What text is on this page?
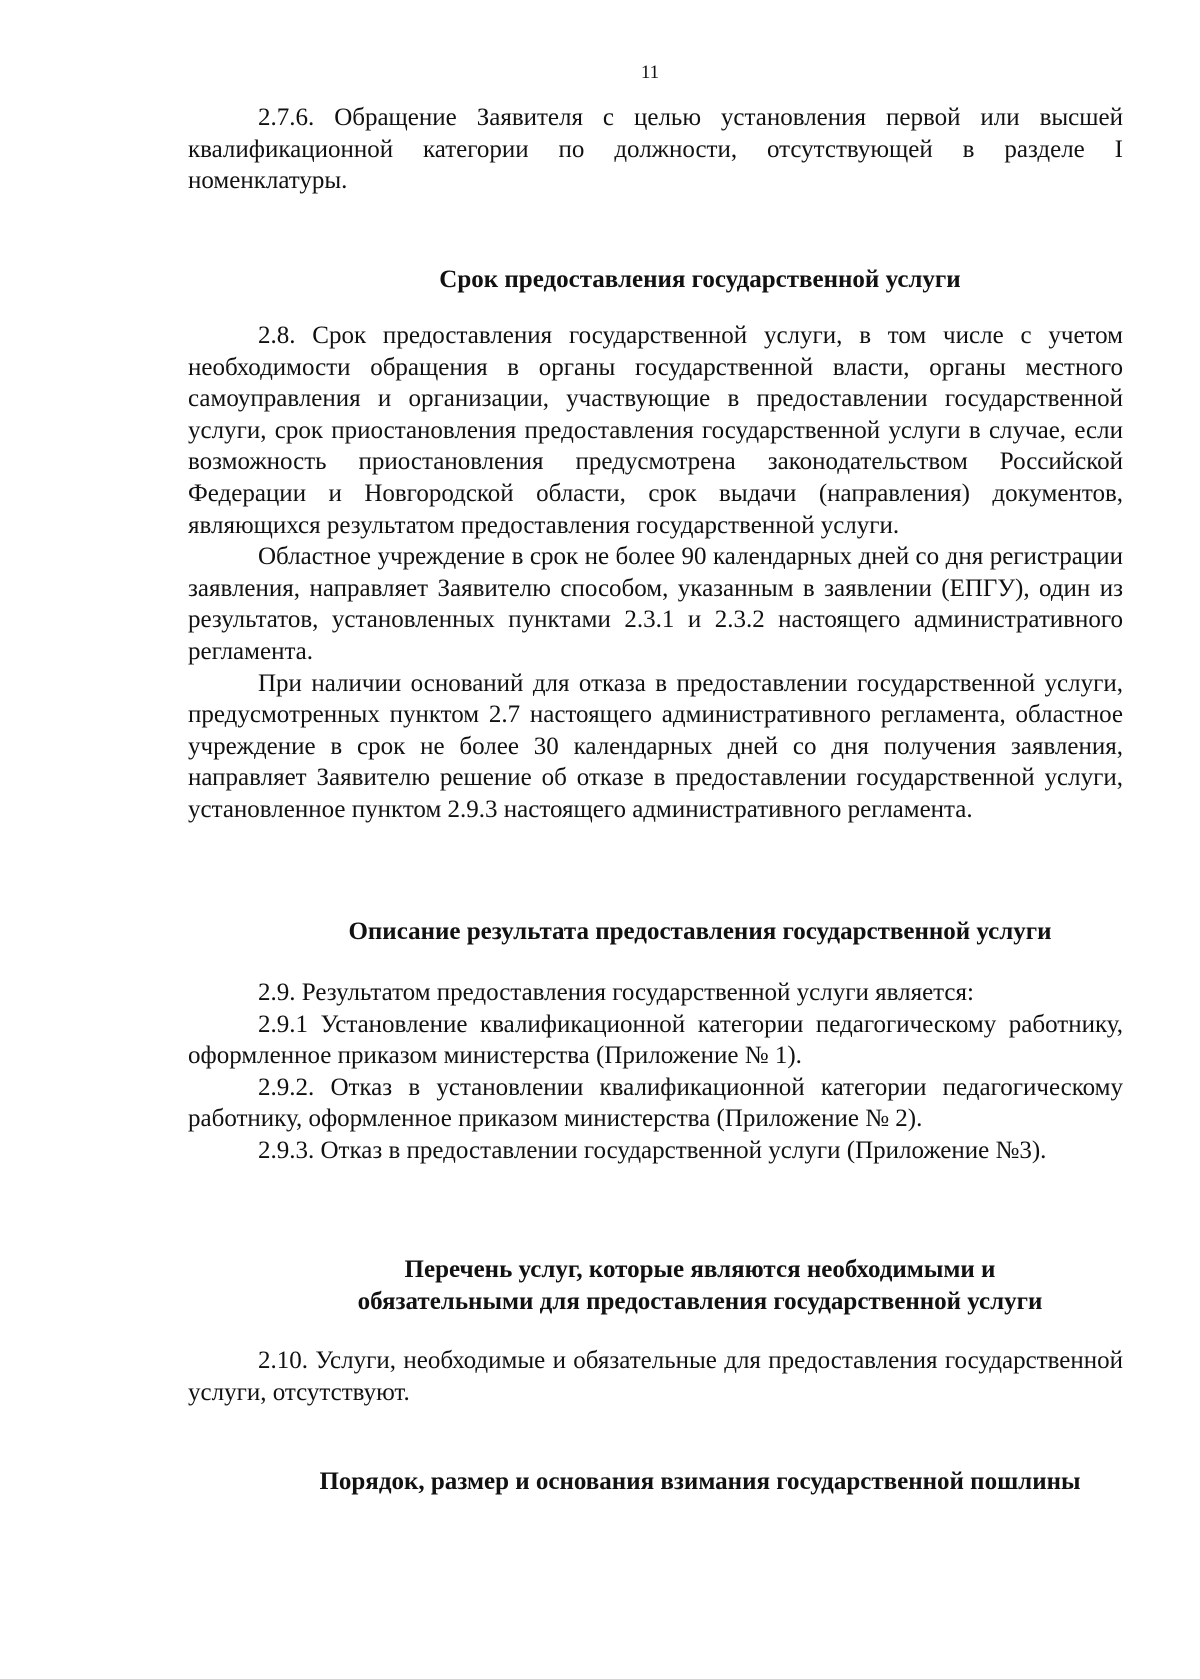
11

2.7.6. Обращение Заявителя с целью установления первой или высшей квалификационной категории по должности, отсутствующей в разделе I номенклатуры.

Срок предоставления государственной услуги

2.8. Срок предоставления государственной услуги, в том числе с учетом необходимости обращения в органы государственной власти, органы местного самоуправления и организации, участвующие в предоставлении государственной услуги, срок приостановления предоставления государственной услуги в случае, если возможность приостановления предусмотрена законодательством Российской Федерации и Новгородской области, срок выдачи (направления) документов, являющихся результатом предоставления государственной услуги.

Областное учреждение в срок не более 90 календарных дней со дня регистрации заявления, направляет Заявителю способом, указанным в заявлении (ЕПГУ), один из результатов, установленных пунктами 2.3.1 и 2.3.2 настоящего административного регламента.

При наличии оснований для отказа в предоставлении государственной услуги, предусмотренных пунктом 2.7 настоящего административного регламента, областное учреждение в срок не более 30 календарных дней со дня получения заявления, направляет Заявителю решение об отказе в предоставлении государственной услуги, установленное пунктом 2.9.3 настоящего административного регламента.

Описание результата предоставления государственной услуги

2.9. Результатом предоставления государственной услуги является:

2.9.1 Установление квалификационной категории педагогическому работнику, оформленное приказом министерства (Приложение № 1).

2.9.2. Отказ в установлении квалификационной категории педагогическому работнику, оформленное приказом министерства (Приложение № 2).

2.9.3. Отказ в предоставлении государственной услуги (Приложение №3).

Перечень услуг, которые являются необходимыми и
обязательными для предоставления государственной услуги

2.10. Услуги, необходимые и обязательные для предоставления государственной услуги, отсутствуют.

Порядок, размер и основания взимания государственной пошлины
